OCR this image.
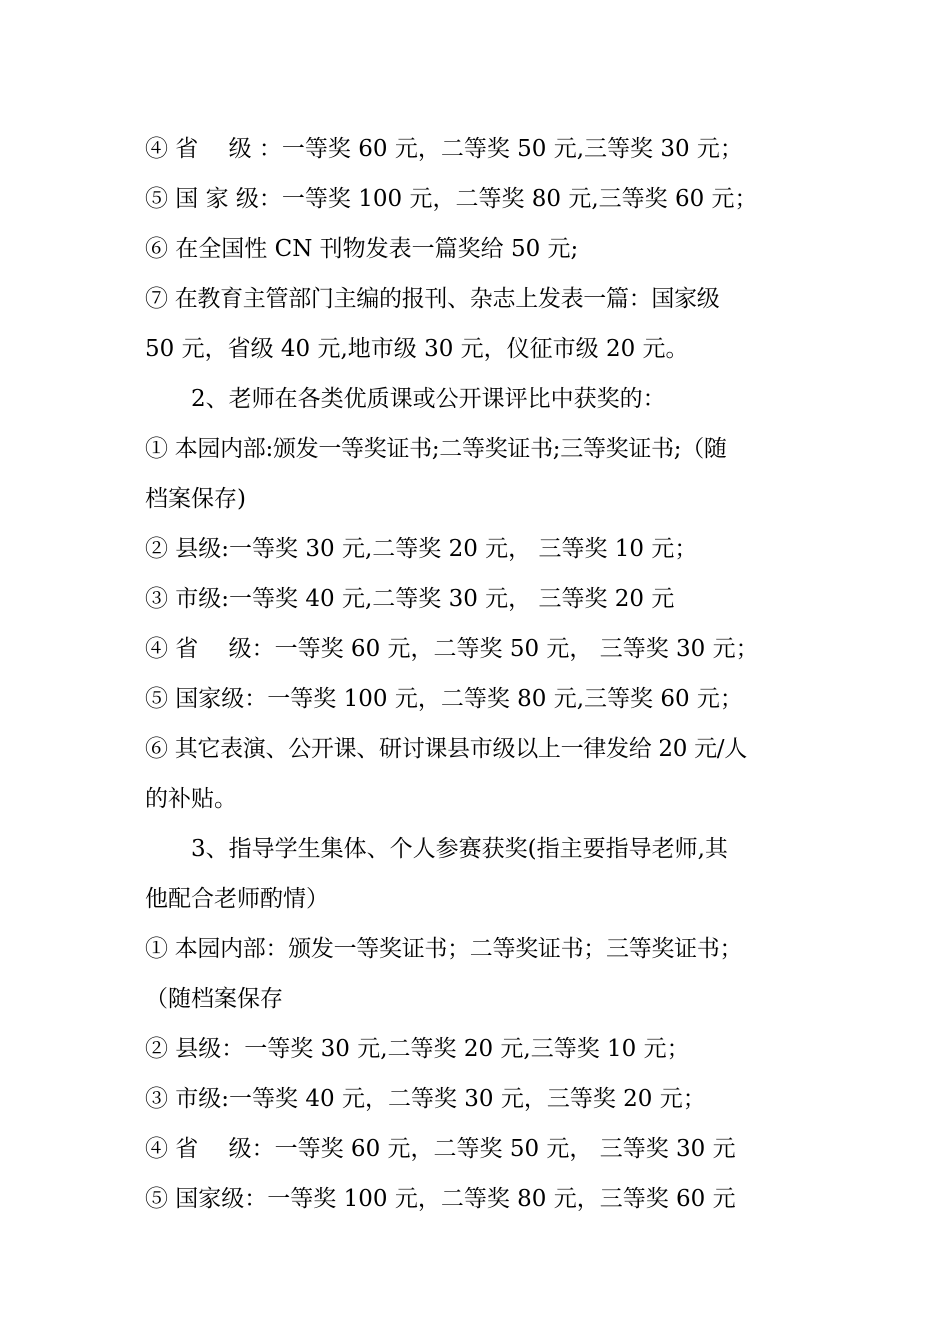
④ 省　 级 ：一等奖 60 元，二等奖 50 元,三等奖 30 元；

⑤ 国 家 级：一等奖 100 元，二等奖 80 元,三等奖 60 元；

⑥ 在全国性 CN 刊物发表一篇奖给 50 元;

⑦ 在教育主管部门主编的报刊、杂志上发表一篇：国家级

50 元，省级 40 元,地市级 30 元，仪征市级 20 元。

2、老师在各类优质课或公开课评比中获奖的：

① 本园内部:颁发一等奖证书;二等奖证书;三等奖证书;（随

档案保存)

② 县级:一等奖 30 元,二等奖 20 元， 三等奖 10 元；

③ 市级:一等奖 40 元,二等奖 30 元， 三等奖 20 元

④ 省　 级：一等奖 60 元，二等奖 50 元， 三等奖 30 元；

⑤ 国家级：一等奖 100 元，二等奖 80 元,三等奖 60 元；

⑥ 其它表演、公开课、研讨课县市级以上一律发给 20 元/人

的补贴。

3、指导学生集体、个人参赛获奖(指主要指导老师,其

他配合老师酌情）

① 本园内部：颁发一等奖证书；二等奖证书；三等奖证书；

（随档案保存

② 县级：一等奖 30 元,二等奖 20 元,三等奖 10 元；

③ 市级:一等奖 40 元，二等奖 30 元，三等奖 20 元；

④ 省　 级：一等奖 60 元，二等奖 50 元， 三等奖 30 元

⑤ 国家级：一等奖 100 元，二等奖 80 元，三等奖 60 元
